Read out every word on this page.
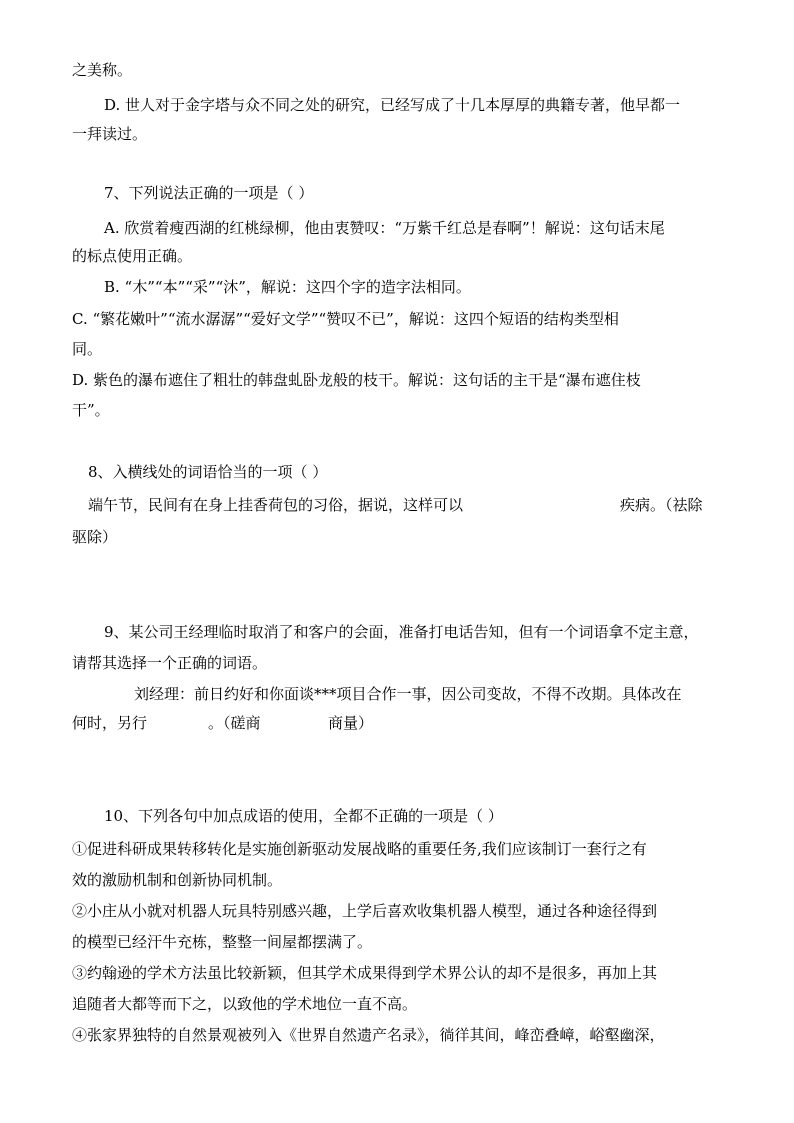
之美称。
D. 世人对于金字塔与众不同之处的研究，已经写成了十几本厚厚的典籍专著，他早都一
一拜读过。
7、下列说法正确的一项是（ ）
A. 欣赏着瘦西湖的红桃绿柳，他由衷赞叹：“万紫千红总是春啊”！解说：这句话末尾
的标点使用正确。
B. “木”“本”“采”“沐”，解说：这四个字的造字法相同。
C. “繁花嫩叶”“流水潺潺”“爱好文学”“赞叹不已”，解说：这四个短语的结构类型相
同。
D. 紫色的瀑布遮住了粗壮的韩盘虬卧龙般的枝干。解说：这句话的主干是“瀑布遮住枝
干”。
8、入横线处的词语恰当的一项（ ）
端午节，民间有在身上挂香荷包的习俗，据说，这样可以	疾病。（祛除
驱除）
9、某公司王经理临时取消了和客户的会面，准备打电话告知，但有一个词语拿不定主意，
请帮其选择一个正确的词语。
刘经理：前日约好和你面谈***项目合作一事，因公司变故，不得不改期。具体改在
何时，另行	。（磋商	商量）
10、下列各句中加点成语的使用，全都不正确的一项是（ ）
①促进科研成果转移转化是实施创新驱动发展战略的重要任务,我们应该制订一套行之有
效的激励机制和创新协同机制。
②小庄从小就对机器人玩具特别感兴趣，上学后喜欢收集机器人模型，通过各种途径得到
的模型已经汗牛充栋，整整一间屋都摆满了。
③约翰逊的学术方法虽比较新颖，但其学术成果得到学术界公认的却不是很多，再加上其
追随者大都等而下之，以致他的学术地位一直不高。
④张家界独特的自然景观被列入《世界自然遗产名录》，徜徉其间，峰峦叠嶂，峪壑幽深，
